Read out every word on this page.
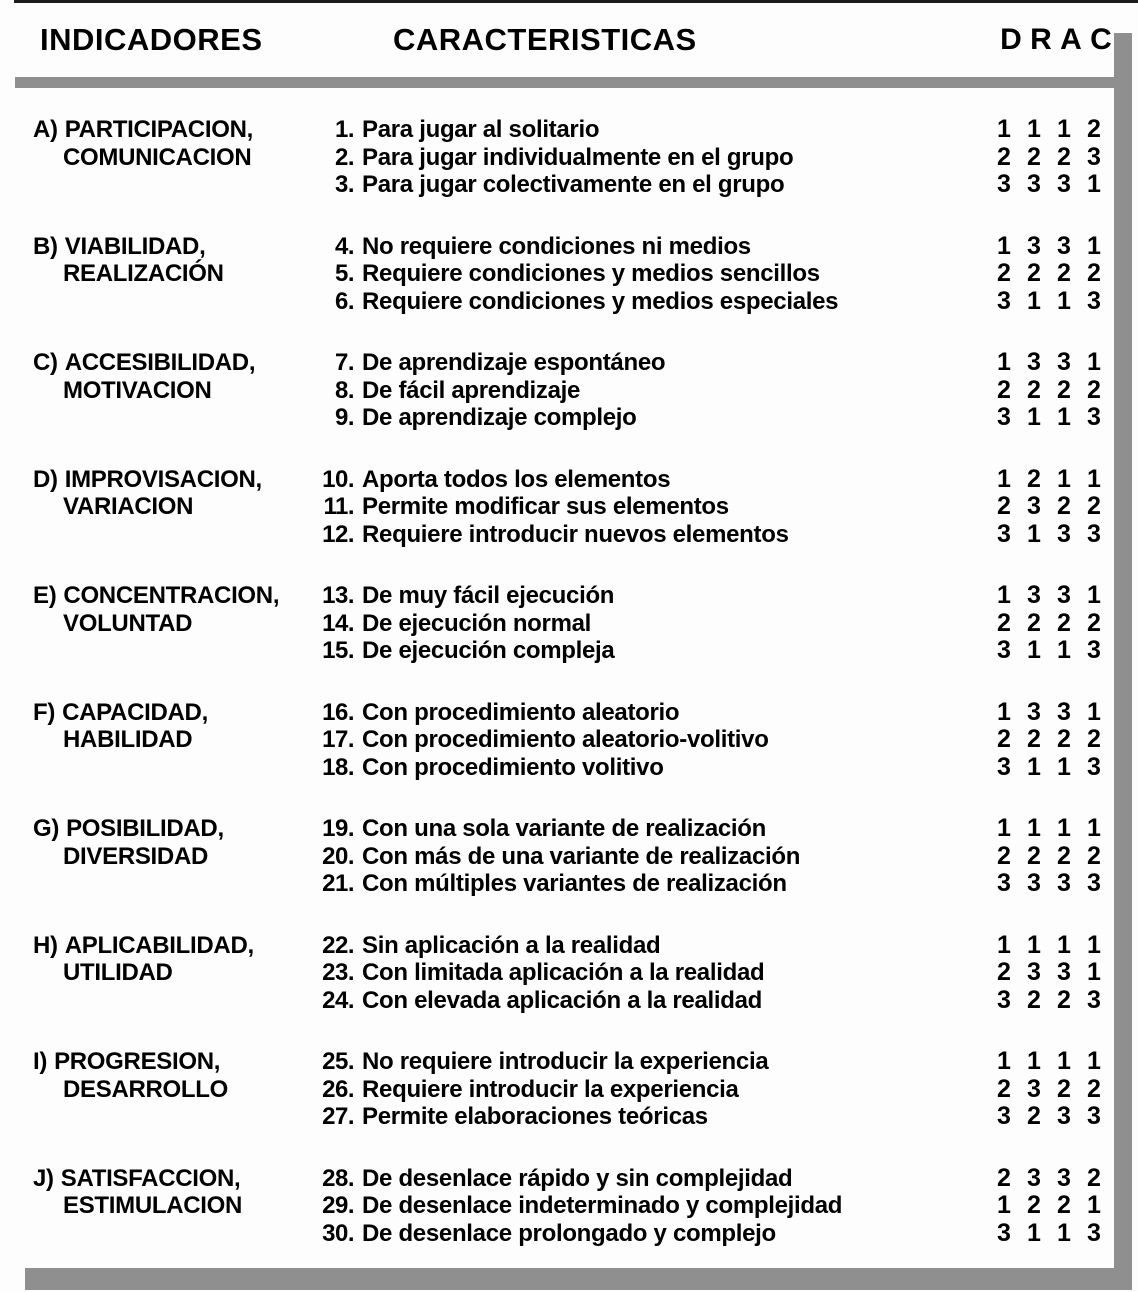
INDICADORES	CARACTERISTICAS	D R A C
A) PARTICIPACION,
COMUNICACION
1. Para jugar al solitario
2. Para jugar individualmente en el grupo
3. Para jugar colectivamente en el grupo
1 1 1 2
2 2 2 3
3 3 3 1
B) VIABILIDAD,
REALIZACIÓN
4. No requiere condiciones ni medios
5. Requiere condiciones y medios sencillos
6. Requiere condiciones y medios especiales
1 3 3 1
2 2 2 2
3 1 1 3
C) ACCESIBILIDAD,
MOTIVACION
7. De aprendizaje espontáneo
8. De fácil aprendizaje
9. De aprendizaje complejo
1 3 3 1
2 2 2 2
3 1 1 3
D) IMPROVISACION,
VARIACION
10. Aporta todos los elementos
11. Permite modificar sus elementos
12. Requiere introducir nuevos elementos
1 2 1 1
2 3 2 2
3 1 3 3
E) CONCENTRACION,
VOLUNTAD
13. De muy fácil ejecución
14. De ejecución normal
15. De ejecución compleja
1 3 3 1
2 2 2 2
3 1 1 3
F) CAPACIDAD,
HABILIDAD
16. Con procedimiento aleatorio
17. Con procedimiento aleatorio-volitivo
18. Con procedimiento volitivo
1 3 3 1
2 2 2 2
3 1 1 3
G) POSIBILIDAD,
DIVERSIDAD
19. Con una sola variante de realización
20. Con más de una variante de realización
21. Con múltiples variantes de realización
1 1 1 1
2 2 2 2
3 3 3 3
H) APLICABILIDAD,
UTILIDAD
22. Sin aplicación a la realidad
23. Con limitada aplicación a la realidad
24. Con elevada aplicación a la realidad
1 1 1 1
2 3 3 1
3 2 2 3
I) PROGRESION,
DESARROLLO
25. No requiere introducir la experiencia
26. Requiere introducir la experiencia
27. Permite elaboraciones teóricas
1 1 1 1
2 3 2 2
3 2 3 3
J) SATISFACCION,
ESTIMULACION
28. De desenlace rápido y sin complejidad
29. De desenlace indeterminado y complejidad
30. De desenlace prolongado y complejo
2 3 3 2
1 2 2 1
3 1 1 3
